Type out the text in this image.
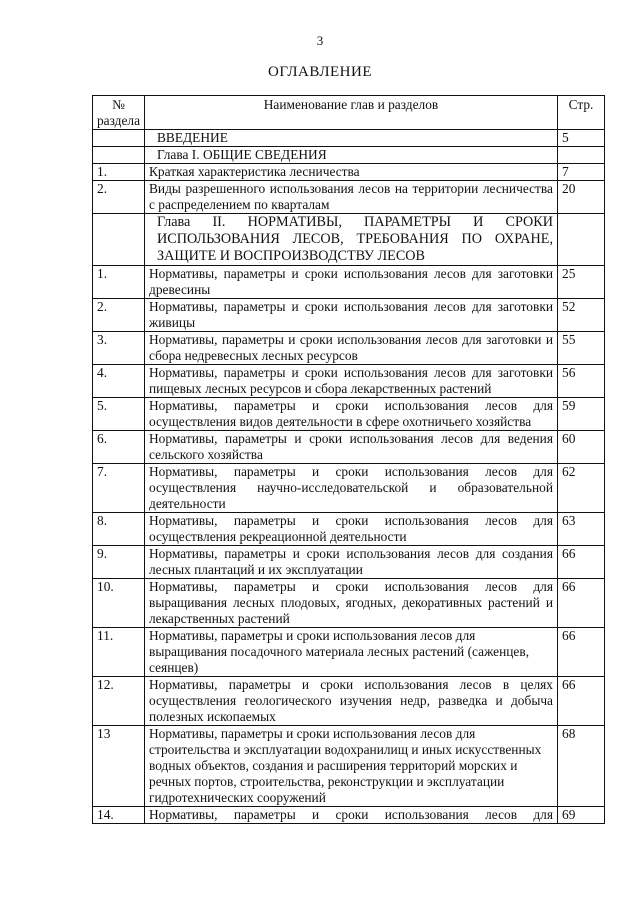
3
ОГЛАВЛЕНИЕ
№ раздела	Наименование глав и разделов	Стр.
	ВВЕДЕНИЕ	5
	Глава I. ОБЩИЕ СВЕДЕНИЯ	
1.	Краткая характеристика лесничества	7
2.	Виды разрешенного использования лесов на территории лесничества с распределением по кварталам	20
	Глава II. НОРМАТИВЫ, ПАРАМЕТРЫ И СРОКИ ИСПОЛЬЗОВАНИЯ ЛЕСОВ, ТРЕБОВАНИЯ ПО ОХРАНЕ, ЗАЩИТЕ И ВОСПРОИЗВОДСТВУ ЛЕСОВ	
1.	Нормативы, параметры и сроки использования лесов для заготовки древесины	25
2.	Нормативы, параметры и сроки использования лесов для заготовки живицы	52
3.	Нормативы, параметры и сроки использования лесов для заготовки и сбора недревесных лесных ресурсов	55
4.	Нормативы, параметры и сроки использования лесов для заготовки пищевых лесных ресурсов и сбора лекарственных растений	56
5.	Нормативы, параметры и сроки использования лесов для осуществления видов деятельности в сфере охотничьего хозяйства	59
6.	Нормативы, параметры и сроки использования лесов для ведения сельского хозяйства	60
7.	Нормативы, параметры и сроки использования лесов для осуществления научно-исследовательской и образовательной деятельности	62
8.	Нормативы, параметры и сроки использования лесов для осуществления рекреационной деятельности	63
9.	Нормативы, параметры и сроки использования лесов для создания лесных плантаций и их эксплуатации	66
10.	Нормативы, параметры и сроки использования лесов для выращивания лесных плодовых, ягодных, декоративных растений и лекарственных растений	66
11.	Нормативы, параметры и сроки использования лесов для выращивания посадочного материала лесных растений (саженцев, сеянцев)	66
12.	Нормативы, параметры и сроки использования лесов в целях осуществления геологического изучения недр, разведка и добыча полезных ископаемых	66
13	Нормативы, параметры и сроки использования лесов для строительства и эксплуатации водохранилищ и иных искусственных водных объектов, создания и расширения территорий морских и речных портов, строительства, реконструкции и эксплуатации гидротехнических сооружений	68
14.	Нормативы, параметры и сроки использования лесов для	69
